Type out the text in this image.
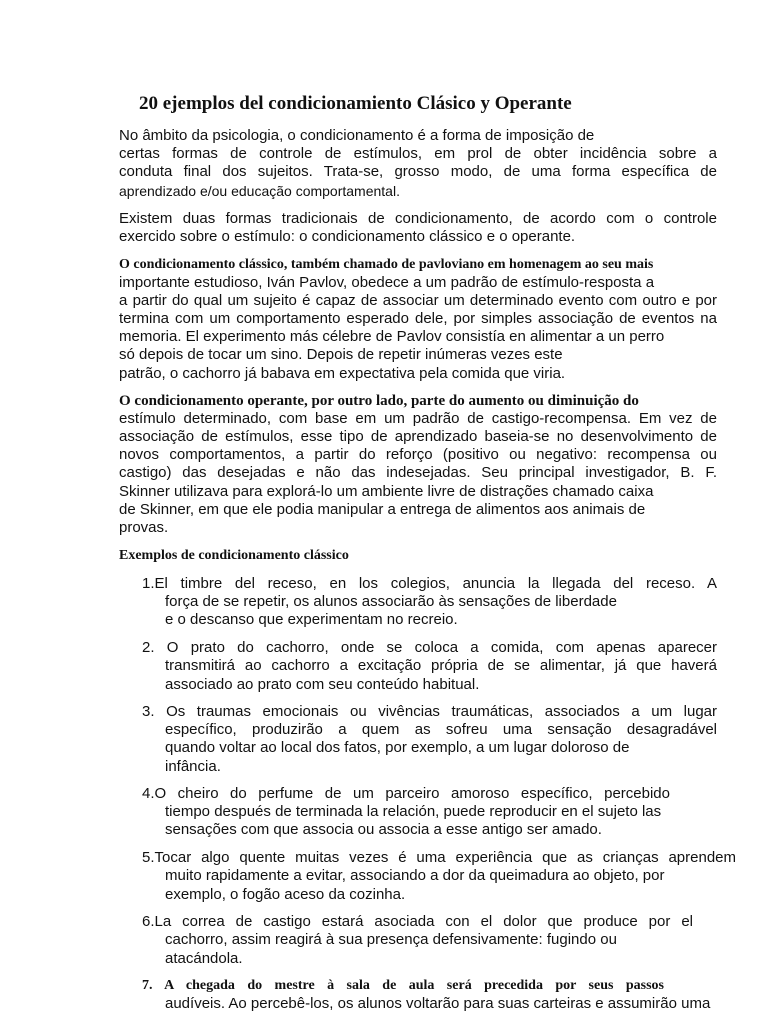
20 ejemplos del condicionamiento Clásico y Operante
No âmbito da psicologia, o condicionamento é a forma de imposição de
certas formas de controle de estímulos, em prol de obter incidência sobre a
conduta final dos sujeitos. Trata-se, grosso modo, de uma forma específica de
aprendizado e/ou educação comportamental.
Existem duas formas tradicionais de condicionamento, de acordo com o controle
exercido sobre o estímulo: o condicionamento clássico e o operante.
O condicionamento clássico, também chamado de pavloviano em homenagem ao seu mais
importante estudioso, Iván Pavlov, obedece a um padrão de estímulo-resposta a
a partir do qual um sujeito é capaz de associar um determinado evento com outro e por
termina com um comportamento esperado dele, por simples associação de eventos na
memoria. El experimento más célebre de Pavlov consistía en alimentar a un perro
só depois de tocar um sino. Depois de repetir inúmeras vezes este
patrão, o cachorro já babava em expectativa pela comida que viria.
O condicionamento operante, por outro lado, parte do aumento ou diminuição do
estímulo determinado, com base em um padrão de castigo-recompensa. Em vez de
associação de estímulos, esse tipo de aprendizado baseia-se no desenvolvimento de
novos comportamentos, a partir do reforço (positivo ou negativo: recompensa ou
castigo) das desejadas e não das indesejadas. Seu principal investigador, B. F.
Skinner utilizava para explorá-lo um ambiente livre de distrações chamado caixa
de Skinner, em que ele podia manipular a entrega de alimentos aos animais de
provas.
Exemplos de condicionamento clássico
1.El timbre del receso, en los colegios, anuncia la llegada del receso. A
força de se repetir, os alunos associarão às sensações de liberdade
e o descanso que experimentam no recreio.
2. O prato do cachorro, onde se coloca a comida, com apenas aparecer
transmitirá ao cachorro a excitação própria de se alimentar, já que haverá
associado ao prato com seu conteúdo habitual.
3. Os traumas emocionais ou vivências traumáticas, associados a um lugar
específico, produzirão a quem as sofreu uma sensação desagradável
quando voltar ao local dos fatos, por exemplo, a um lugar doloroso de
infância.
4.O cheiro do perfume de um parceiro amoroso específico, percebido
tiempo después de terminada la relación, puede reproducir en el sujeto las
sensações com que associa ou associa a esse antigo ser amado.
5.Tocar algo quente muitas vezes é uma experiência que as crianças aprendem
muito rapidamente a evitar, associando a dor da queimadura ao objeto, por
exemplo, o fogão aceso da cozinha.
6.La correa de castigo estará asociada con el dolor que produce por el
cachorro, assim reagirá à sua presença defensivamente: fugindo ou
atacándola.
7. A chegada do mestre à sala de aula será precedida por seus passos
audíveis. Ao percebê-los, os alunos voltarão para suas carteiras e assumirão uma
